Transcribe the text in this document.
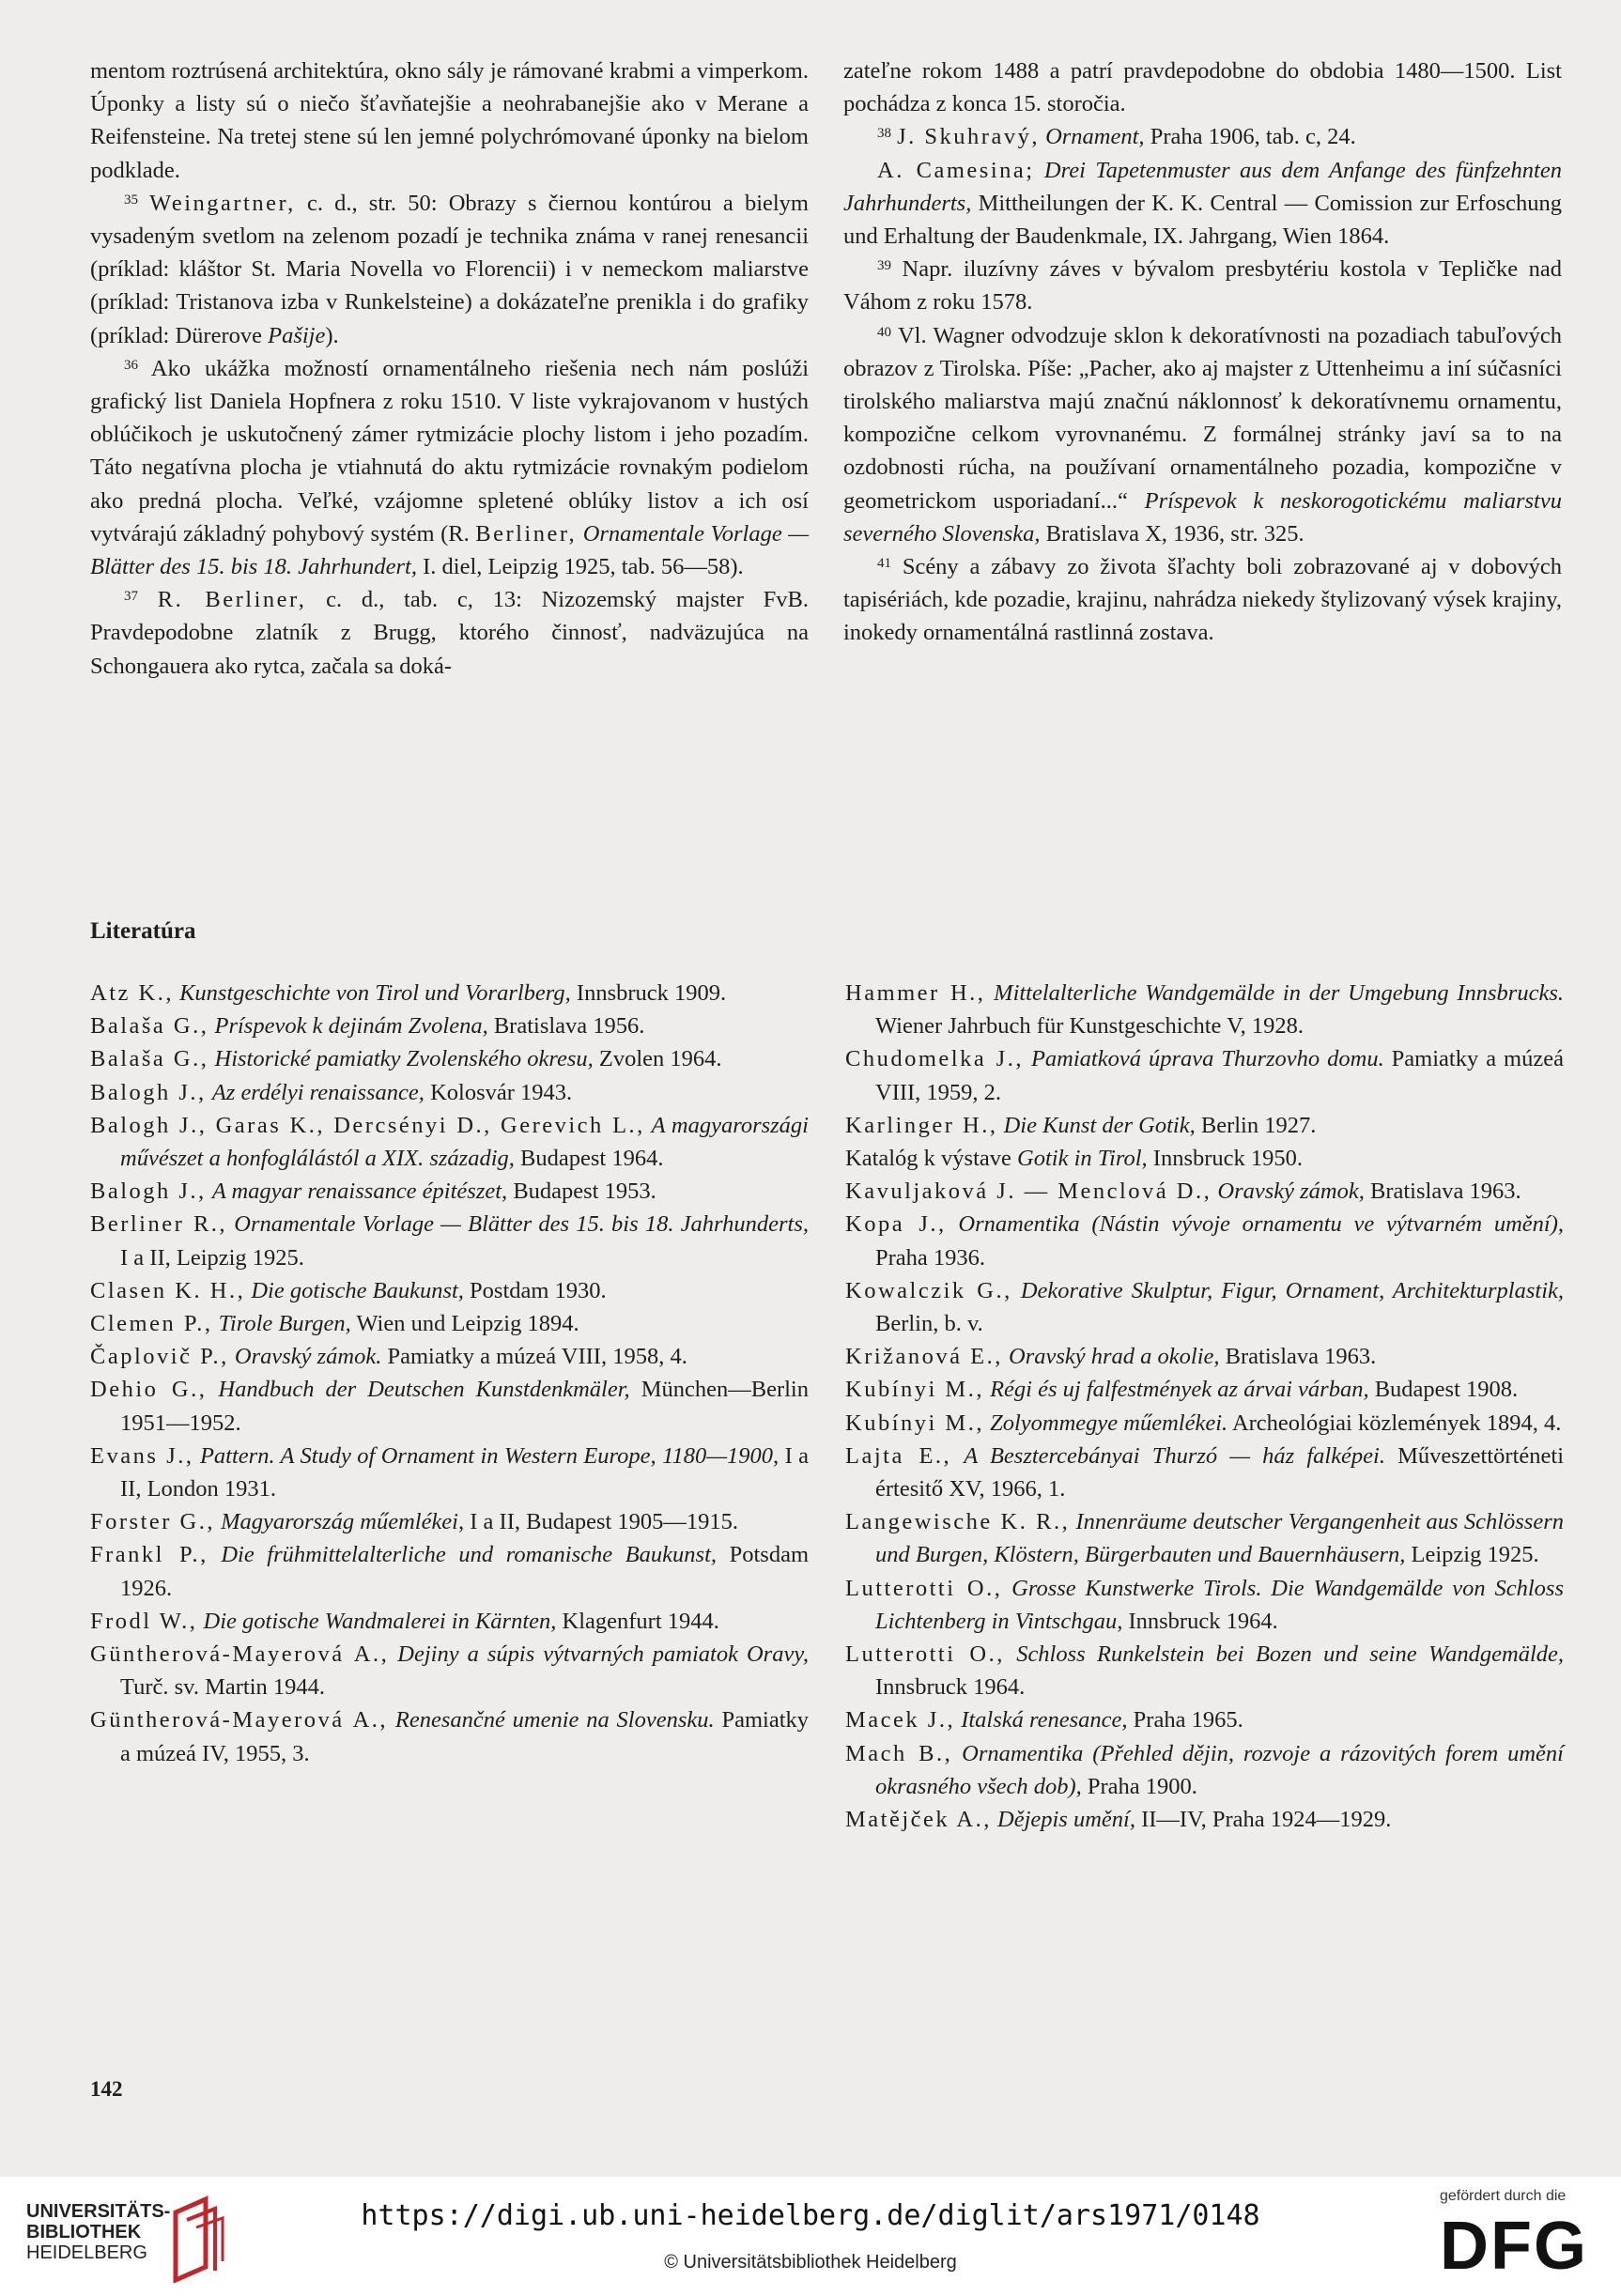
mentom roztrúsená architektúra, okno sály je rámované krabmi a vimperkom. Úponky a listy sú o niečo šťavňatejšie a neohrabanejšie ako v Merane a Reifensteine. Na tretej stene sú len jemné polychrómované úponky na bielom podklade.

$^{35}$ Weingartner, c. d., str. 50: Obrazy s čiernou kontúrou a bielym vysadeným svetlom na zelenom pozadí je technika známa v ranej renesancii (príklad: kláštor St. Maria Novella vo Florencii) i v nemeckom maliarstve (príklad: Tristanova izba v Runkelsteine) a dokázateľne prenikla i do grafiky (príklad: Dürerove Pašije).

$^{36}$ Ako ukážka možností ornamentálneho riešenia nech nám poslúži grafický list Daniela Hopfnera z roku 1510. V liste vykrajovanom v hustých oblúčikoch je uskutočnený zámer rytmizácie plochy listom i jeho pozadím. Táto negatívna plocha je vtiahnutá do aktu rytmizácie rovnakým podielom ako predná plocha. Veľké, vzájomne spletené oblúky listov a ich osí vytvárajú základný pohybový systém (R. Berliner, Ornamentale Vorlage — Blätter des 15. bis 18. Jahrhundert, I. diel, Leipzig 1925, tab. 56—58).

$^{37}$ R. Berliner, c. d., tab. c, 13: Nizozemský majster FvB. Pravdepodobne zlatník z Brugg, ktorého činnosť, nadväzujúca na Schongauera ako rytca, začala sa doká-

zateľne rokom 1488 a patrí pravdepodobne do obdobia 1480—1500. List pochádza z konca 15. storočia.

$^{38}$ J. Skuhravý, Ornament, Praha 1906, tab. c, 24.

A. Camesina; Drei Tapetenmuster aus dem Anfange des fünfzehnten Jahrhunderts, Mittheilungen der K. K. Central — Comission zur Erfoschung und Erhaltung der Baudenkmale, IX. Jahrgang, Wien 1864.

$^{39}$ Napr. iluzívny záves v bývalom presbytériu kostola v Tepličke nad Váhom z roku 1578.

$^{40}$ Vl. Wagner odvodzuje sklon k dekoratívnosti na pozadiach tabuľových obrazov z Tirolska. Píše: „Pacher, ako aj majster z Uttenheimu a iní súčasníci tirolského maliarstva majú značnú náklonnosť k dekoratívnemu ornamentu, kompozične celkom vyrovnanému. Z formálnej stránky javí sa to na ozdobnosti rúcha, na používaní ornamentálneho pozadia, kompozične v geometrickom usporiadaní...“ Príspevok k neskorogotickému maliarstvu severného Slovenska, Bratislava X, 1936, str. 325.

$^{41}$ Scény a zábavy zo života šľachty boli zobrazované aj v dobových tapisériách, kde pozadie, krajinu, nahrádza niekedy štylizovaný výsek krajiny, inokedy ornamentálná rastlinná zostava.

Literatúra

Atz K., Kunstgeschichte von Tirol und Vorarlberg, Innsbruck 1909.

Balaša G., Príspevok k dejinám Zvolena, Bratislava 1956.

Balaša G., Historické pamiatky Zvolenského okresu, Zvolen 1964.

Balogh J., Az erdélyi renaissance, Kolosvár 1943.

Balogh J., Garas K., Dercsényi D., Gerevich L., A magyarországi művészet a honfoglálástól a XIX. századig, Budapest 1964.

Balogh J., A magyar renaissance épitészet, Budapest 1953.

Berliner R., Ornamentale Vorlage — Blätter des 15. bis 18. Jahrhunderts, I a II, Leipzig 1925.

Clasen K. H., Die gotische Baukunst, Postdam 1930.

Clemen P., Tirole Burgen, Wien und Leipzig 1894.

Čaplovič P., Oravský zámok. Pamiatky a múzeá VIII, 1958, 4.

Dehio G., Handbuch der Deutschen Kunstdenkmäler, München—Berlin 1951—1952.

Evans J., Pattern. A Study of Ornament in Western Europe, 1180—1900, I a II, London 1931.

Forster G., Magyarország műemlékei, I a II, Budapest 1905—1915.

Frankl P., Die frühmittelalterliche und romanische Baukunst, Potsdam 1926.

Frodl W., Die gotische Wandmalerei in Kärnten, Klagenfurt 1944.

Güntherová-Mayerová A., Dejiny a súpis výtvarných pamiatok Oravy, Turč. sv. Martin 1944.

Güntherová-Mayerová A., Renesančné umenie na Slovensku. Pamiatky a múzeá IV, 1955, 3.

Hammer H., Mittelalterliche Wandgemälde in der Umgebung Innsbrucks. Wiener Jahrbuch für Kunstgeschichte V, 1928.

Chudomelka J., Pamiatková úprava Thurzovho domu. Pamiatky a múzeá VIII, 1959, 2.

Karlinger H., Die Kunst der Gotik, Berlin 1927.

Katalóg k výstave Gotik in Tirol, Innsbruck 1950.

Kavuljaková J. — Menclová D., Oravský zámok, Bratislava 1963.

Kopa J., Ornamentika (Nástin vývoje ornamentu ve výtvarném umění), Praha 1936.

Kowalczik G., Dekorative Skulptur, Figur, Ornament, Architekturplastik, Berlin, b. v.

Križanová E., Oravský hrad a okolie, Bratislava 1963.

Kubínyi M., Régi és uj falfestmények az árvai várban, Budapest 1908.

Kubínyi M., Zolyommegye műemlékei. Archeológiai közlemények 1894, 4.

Lajta E., A Besztercebányai Thurzó — ház falképei. Műveszettörténeti értesitő XV, 1966, 1.

Langewische K. R., Innenräume deutscher Vergangenheit aus Schlössern und Burgen, Klöstern, Bürgerbauten und Bauernhäusern, Leipzig 1925.

Lutterotti O., Grosse Kunstwerke Tirols. Die Wandgemälde von Schloss Lichtenberg in Vintschgau, Innsbruck 1964.

Lutterotti O., Schloss Runkelstein bei Bozen und seine Wandgemälde, Innsbruck 1964.

Macek J., Italská renesance, Praha 1965.

Mach B., Ornamentika (Přehled dějin, rozvoje a rázovitých forem umění okrasného všech dob), Praha 1900.

Matějček A., Dějepis umění, II—IV, Praha 1924—1929.

142
UNIVERSITÄTS-
BIBLIOTHEK
HEIDELBERG
https://digi.ub.uni-heidelberg.de/diglit/ars1971/0148
© Universitätsbibliothek Heidelberg
gefördert durch die
DFG
